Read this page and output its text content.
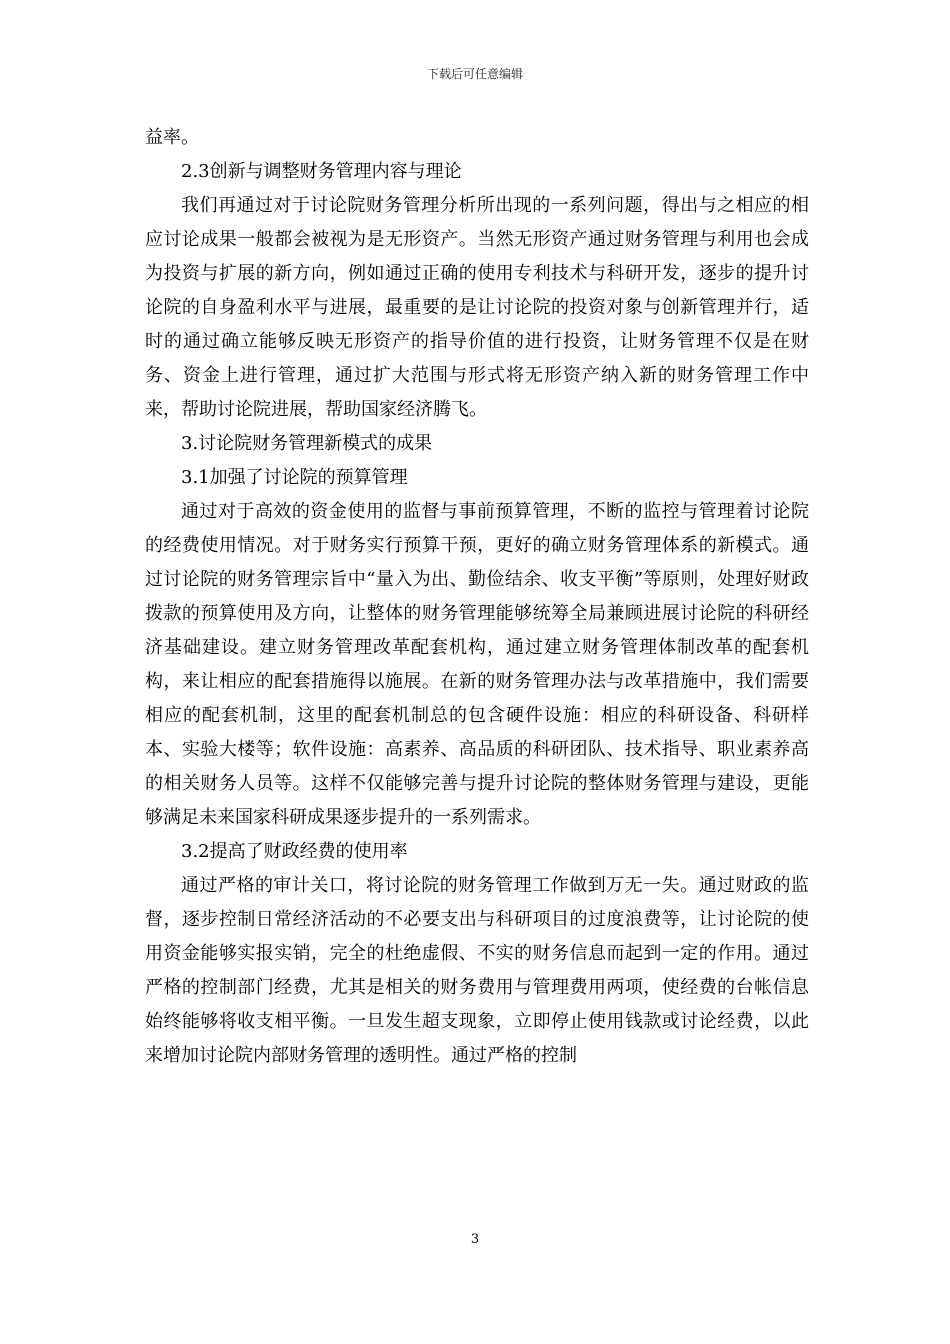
下载后可任意编辑

益率。

2.3创新与调整财务管理内容与理论

我们再通过对于讨论院财务管理分析所出现的一系列问题，得出与之相应的相应讨论成果一般都会被视为是无形资产。当然无形资产通过财务管理与利用也会成为投资与扩展的新方向，例如通过正确的使用专利技术与科研开发，逐步的提升讨论院的自身盈利水平与进展，最重要的是让讨论院的投资对象与创新管理并行，适时的通过确立能够反映无形资产的指导价值的进行投资，让财务管理不仅是在财务、资金上进行管理，通过扩大范围与形式将无形资产纳入新的财务管理工作中来，帮助讨论院进展，帮助国家经济腾飞。

3.讨论院财务管理新模式的成果

3.1加强了讨论院的预算管理

通过对于高效的资金使用的监督与事前预算管理，不断的监控与管理着讨论院的经费使用情况。对于财务实行预算干预，更好的确立财务管理体系的新模式。通过讨论院的财务管理宗旨中“量入为出、勤俭结余、收支平衡”等原则，处理好财政拨款的预算使用及方向，让整体的财务管理能够统筹全局兼顾进展讨论院的科研经济基础建设。建立财务管理改革配套机构，通过建立财务管理体制改革的配套机构，来让相应的配套措施得以施展。在新的财务管理办法与改革措施中，我们需要相应的配套机制，这里的配套机制总的包含硬件设施：相应的科研设备、科研样本、实验大楼等；软件设施：高素养、高品质的科研团队、技术指导、职业素养高的相关财务人员等。这样不仅能够完善与提升讨论院的整体财务管理与建设，更能够满足未来国家科研成果逐步提升的一系列需求。

3.2提高了财政经费的使用率

通过严格的审计关口，将讨论院的财务管理工作做到万无一失。通过财政的监督，逐步控制日常经济活动的不必要支出与科研项目的过度浪费等，让讨论院的使用资金能够实报实销，完全的杜绝虚假、不实的财务信息而起到一定的作用。通过严格的控制部门经费，尤其是相关的财务费用与管理费用两项，使经费的台帐信息始终能够将收支相平衡。一旦发生超支现象，立即停止使用钱款或讨论经费，以此来增加讨论院内部财务管理的透明性。通过严格的控制

3
